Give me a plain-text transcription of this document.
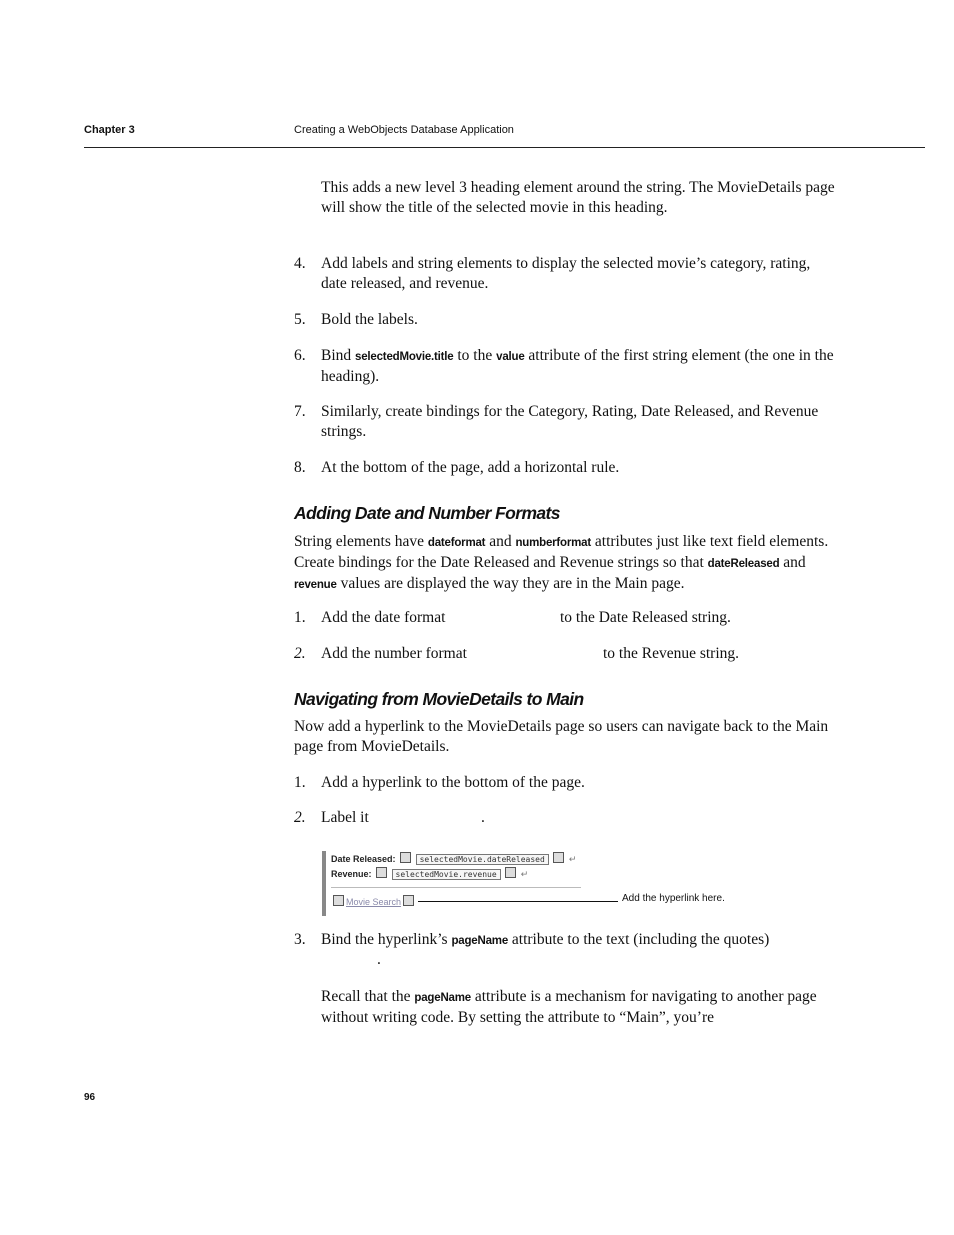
Chapter 3	Creating a WebObjects Database Application
This adds a new level 3 heading element around the string. The MovieDetails page will show the title of the selected movie in this heading.
4. Add labels and string elements to display the selected movie’s category, rating, date released, and revenue.
5. Bold the labels.
6. Bind selectedMovie.title to the value attribute of the first string element (the one in the heading).
7. Similarly, create bindings for the Category, Rating, Date Released, and Revenue strings.
8. At the bottom of the page, add a horizontal rule.
Adding Date and Number Formats
String elements have dateformat and numberformat attributes just like text field elements. Create bindings for the Date Released and Revenue strings so that dateReleased and revenue values are displayed the way they are in the Main page.
1. Add the date format	to the Date Released string.
2. Add the number format	to the Revenue string.
Navigating from MovieDetails to Main
Now add a hyperlink to the MovieDetails page so users can navigate back to the Main page from MovieDetails.
1. Add a hyperlink to the bottom of the page.
2. Label it	.
Date Released:	selectedMovie.dateReleased	↵
Revenue:	selectedMovie.revenue	↵
Movie Search	Add the hyperlink here.
3. Bind the hyperlink’s pageName attribute to the text (including the quotes)
.
Recall that the pageName attribute is a mechanism for navigating to another page without writing code. By setting the attribute to “Main”, you’re
96
